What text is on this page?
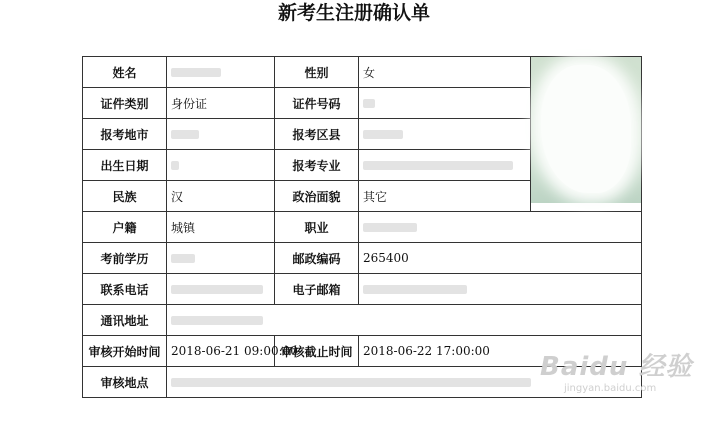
新考生注册确认单
姓名		性别	女	

证件类别	身份证	证件号码		
报考地市		报考区县		
出生日期		报考专业		
民族	汉	政治面貌	其它	
户籍	城镇	职业		
考前学历		邮政编码	265400	
联系电话		电子邮箱		
通讯地址				
审核开始时间	2018-06-21 09:00:00	审核截止时间	2018-06-22 17:00:00	
审核地点				
Baidu 经验
jingyan.baidu.com
